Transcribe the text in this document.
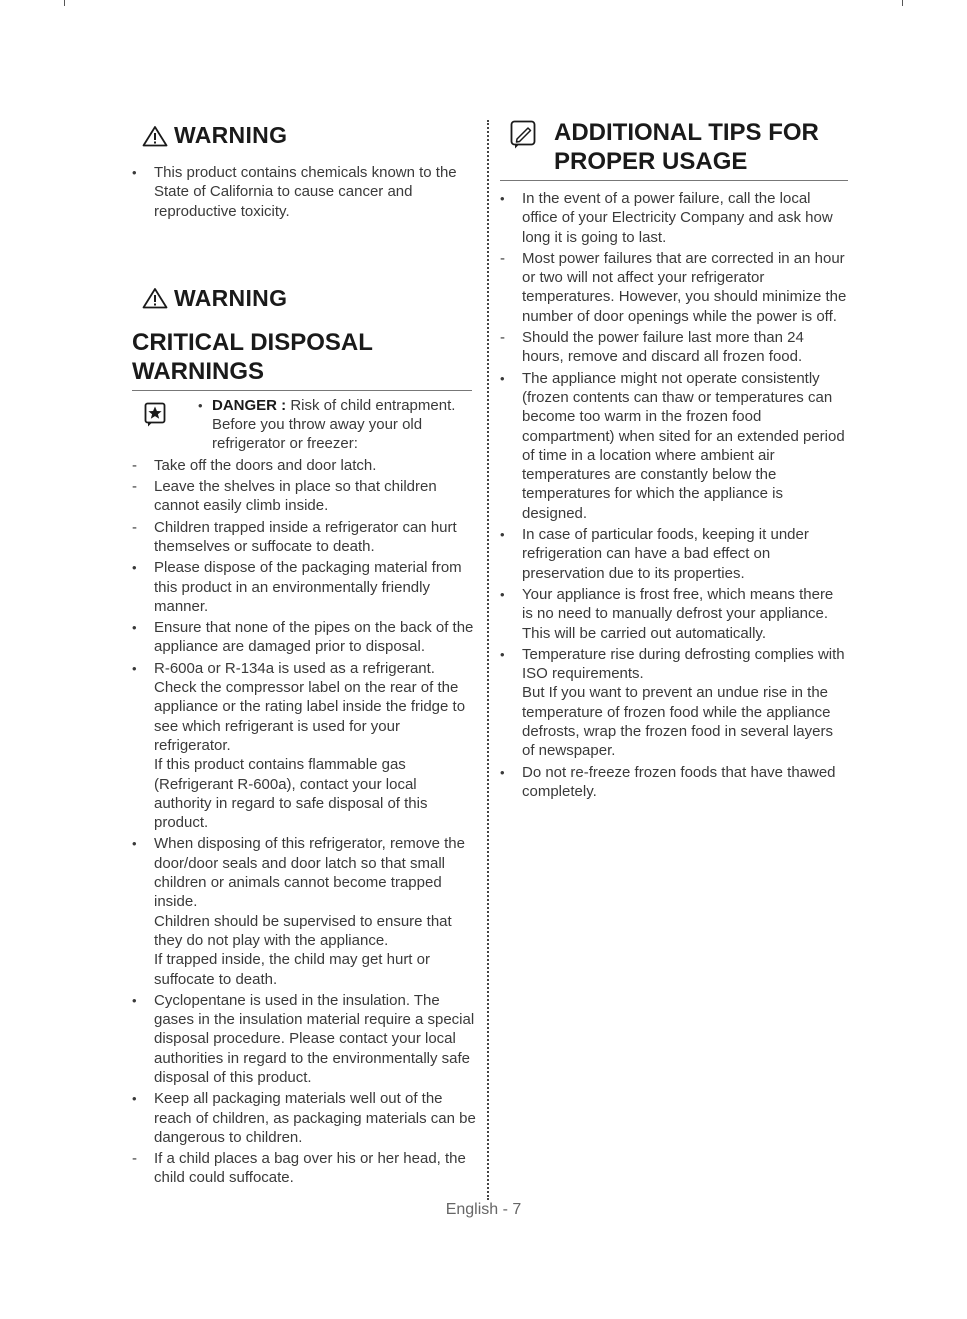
WARNING
•	This product contains chemicals known to the State of California to cause cancer and reproductive toxicity.
WARNING
CRITICAL DISPOSAL WARNINGS
• DANGER : Risk of child entrapment. Before you throw away your old refrigerator or freezer:
-	Take off the doors and door latch.
-	Leave the shelves in place so that children cannot easily climb inside.
-	Children trapped inside a refrigerator can hurt themselves or suffocate to death.
•	Please dispose of the packaging material from this product in an environmentally friendly manner.
•	Ensure that none of the pipes on the back of the appliance are damaged prior to disposal.
•	R-600a or R-134a is used as a refrigerant. Check the compressor label on the rear of the appliance or the rating label inside the fridge to see which refrigerant is used for your refrigerator.
If this product contains flammable gas (Refrigerant R-600a), contact your local authority in regard to safe disposal of this product.
•	When disposing of this refrigerator, remove the door/door seals and door latch so that small children or animals cannot become trapped inside.
Children should be supervised to ensure that they do not play with the appliance.
If trapped inside, the child may get hurt or suffocate to death.
•	Cyclopentane is used in the insulation. The gases in the insulation material require a special disposal procedure. Please contact your local authorities in regard to the environmentally safe disposal of this product.
•	Keep all packaging materials well out of the reach of children, as packaging materials can be dangerous to children.
-	If a child places a bag over his or her head, the child could suffocate.
ADDITIONAL TIPS FOR
PROPER USAGE
•	In the event of a power failure, call the local office of your Electricity Company and ask how long it is going to last.
-	Most power failures that are corrected in an hour or two will not affect your refrigerator temperatures. However, you should minimize the number of door openings while the power is off.
-	Should the power failure last more than 24 hours, remove and discard all frozen food.
•	The appliance might not operate consistently (frozen contents can thaw or temperatures can become too warm in the frozen food compartment) when sited for an extended period of time in a location where ambient air temperatures are constantly below the temperatures for which the appliance is designed.
•	In case of particular foods, keeping it under refrigeration can have a bad effect on preservation due to its properties.
•	Your appliance is frost free, which means there is no need to manually defrost your appliance. This will be carried out automatically.
•	Temperature rise during defrosting complies with ISO requirements.
But If you want to prevent an undue rise in the temperature of frozen food while the appliance defrosts, wrap the frozen food in several layers of newspaper.
•	Do not re-freeze frozen foods that have thawed completely.
English - 7
